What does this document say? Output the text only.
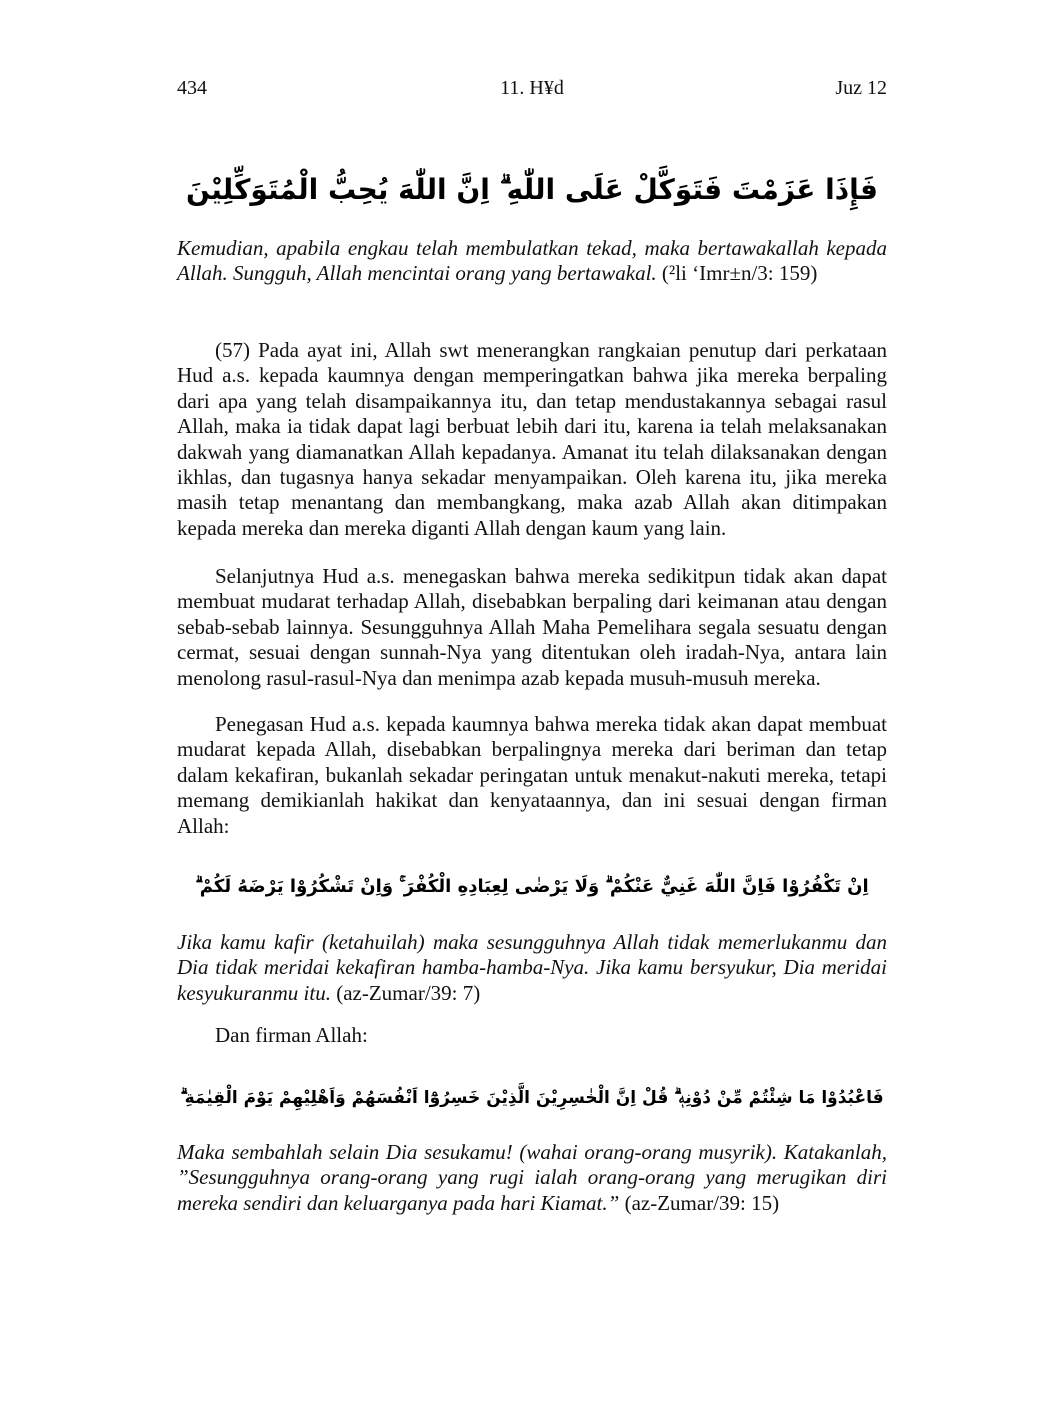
434	11. H¥d	Juz 12
فَإِذَا عَزَمْتَ فَتَوَكَّلْ عَلَى اللّٰهِ ۗ اِنَّ اللّٰهَ يُحِبُّ الْمُتَوَكِّلِيْنَ
Kemudian, apabila engkau telah membulatkan tekad, maka bertawakallah kepada Allah. Sungguh, Allah mencintai orang yang bertawakal. (²li ‘Imr±n/3: 159)
(57) Pada ayat ini, Allah swt menerangkan rangkaian penutup dari perkataan Hud a.s. kepada kaumnya dengan memperingatkan bahwa jika mereka berpaling dari apa yang telah disampaikannya itu, dan tetap mendustakannya sebagai rasul Allah, maka ia tidak dapat lagi berbuat lebih dari itu, karena ia telah melaksanakan dakwah yang diamanatkan Allah kepadanya. Amanat itu telah dilaksanakan dengan ikhlas, dan tugasnya hanya sekadar menyampaikan. Oleh karena itu, jika mereka masih tetap menantang dan membangkang, maka azab Allah akan ditimpakan kepada mereka dan mereka diganti Allah dengan kaum yang lain.
Selanjutnya Hud a.s. menegaskan bahwa mereka sedikitpun tidak akan dapat membuat mudarat terhadap Allah, disebabkan berpaling dari keimanan atau dengan sebab-sebab lainnya. Sesungguhnya Allah Maha Pemelihara segala sesuatu dengan cermat, sesuai dengan sunnah-Nya yang ditentukan oleh iradah-Nya, antara lain menolong rasul-rasul-Nya dan menimpa azab kepada musuh-musuh mereka.
Penegasan Hud a.s. kepada kaumnya bahwa mereka tidak akan dapat membuat mudarat kepada Allah, disebabkan berpalingnya mereka dari beriman dan tetap dalam kekafiran, bukanlah sekadar peringatan untuk menakut-nakuti mereka, tetapi memang demikianlah hakikat dan kenyataannya, dan ini sesuai dengan firman Allah:
اِنْ تَكْفُرُوْا فَاِنَّ اللّٰهَ غَنِيٌّ عَنْكُمْ ۗ وَلَا يَرْضٰى لِعِبَادِهِ الْكُفْرَ ۚ وَاِنْ تَشْكُرُوْا يَرْضَهُ لَكُمْ ۗ
Jika kamu kafir (ketahuilah) maka sesungguhnya Allah tidak memerlukanmu dan Dia tidak meridai kekafiran hamba-hamba-Nya. Jika kamu bersyukur, Dia meridai kesyukuranmu itu. (az-Zumar/39: 7)
Dan firman Allah:
فَاعْبُدُوْا مَا شِئْتُمْ مِّنْ دُوْنِهٖ ۗ قُلْ اِنَّ الْخٰسِرِيْنَ الَّذِيْنَ خَسِرُوْٓا اَنْفُسَهُمْ وَاَهْلِيْهِمْ يَوْمَ الْقِيٰمَةِ ۗ
Maka sembahlah selain Dia sesukamu! (wahai orang-orang musyrik). Katakanlah, ”Sesungguhnya orang-orang yang rugi ialah orang-orang yang merugikan diri mereka sendiri dan keluarganya pada hari Kiamat.” (az-Zumar/39: 15)
